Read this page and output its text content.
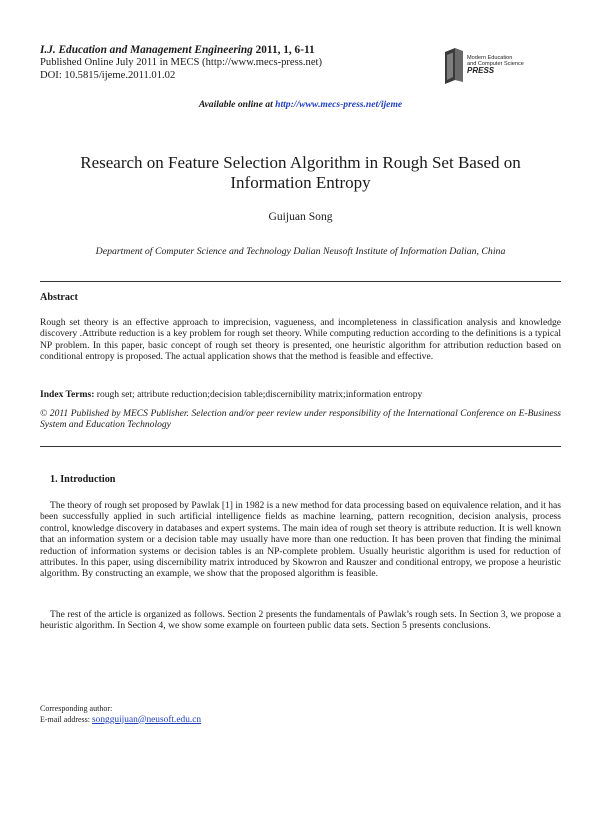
I.J. Education and Management Engineering 2011, 1, 6-11
Published Online July 2011 in MECS (http://www.mecs-press.net)
DOI: 10.5815/ijeme.2011.01.02
Modern Education
and Computer Science
PRESS
Available online at http://www.mecs-press.net/ijeme
Research on Feature Selection Algorithm in Rough Set Based on Information Entropy
Guijuan Song
Department of Computer Science and Technology Dalian Neusoft Institute of Information Dalian, China
Abstract
Rough set theory is an effective approach to imprecision, vagueness, and incompleteness in classification analysis and knowledge discovery .Attribute reduction is a key problem for rough set theory. While computing reduction according to the definitions is a typical NP problem. In this paper, basic concept of rough set theory is presented, one heuristic algorithm for attribution reduction based on conditional entropy is proposed. The actual application shows that the method is feasible and effective.
Index Terms: rough set; attribute reduction;decision table;discernibility matrix;information entropy
© 2011 Published by MECS Publisher. Selection and/or peer review under responsibility of the International Conference on E-Business System and Education Technology
1. Introduction
The theory of rough set proposed by Pawlak [1] in 1982 is a new method for data processing based on equivalence relation, and it has been successfully applied in such artificial intelligence fields as machine learning, pattern recognition, decision analysis, process control, knowledge discovery in databases and expert systems. The main idea of rough set theory is attribute reduction. It is well known that an information system or a decision table may usually have more than one reduction. It has been proven that finding the minimal reduction of information systems or decision tables is an NP-complete problem. Usually heuristic algorithm is used for reduction of attributes. In this paper, using discernibility matrix introduced by Skowron and Rauszer and conditional entropy, we propose a heuristic algorithm. By constructing an example, we show that the proposed algorithm is feasible.
The rest of the article is organized as follows. Section 2 presents the fundamentals of Pawlak’s rough sets. In Section 3, we propose a heuristic algorithm. In Section 4, we show some example on fourteen public data sets. Section 5 presents conclusions.
Corresponding author:
E-mail address: songguijuan@neusoft.edu.cn
